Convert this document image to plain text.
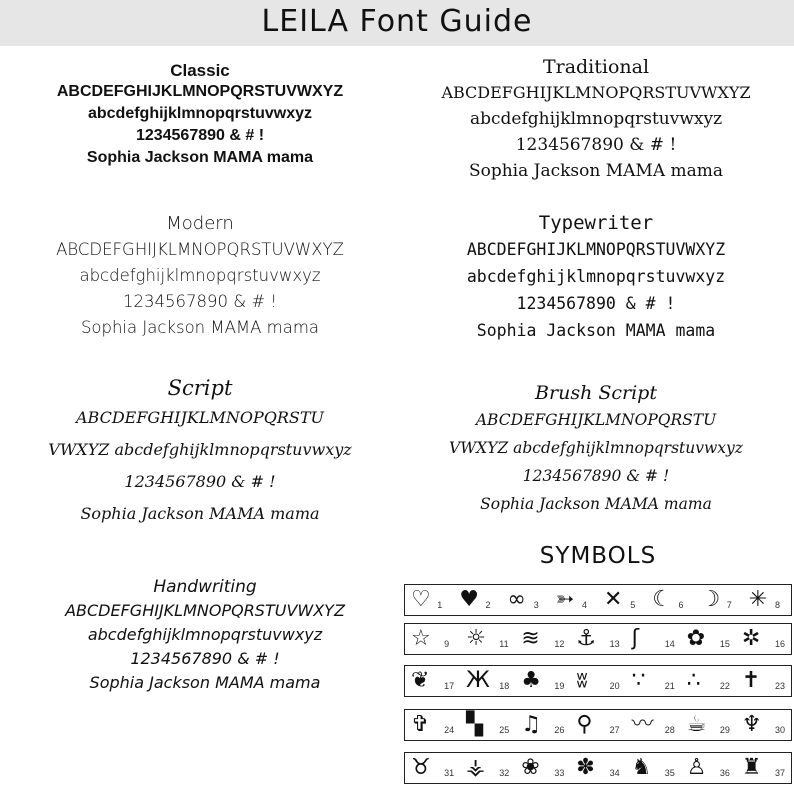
LEILA Font Guide
Classic
ABCDEFGHIJKLMNOPQRSTUVWXYZ
abcdefghijklmnopqrstuvwxyz
1234567890 & # !
Sophia Jackson MAMA mama
Traditional
ABCDEFGHIJKLMNOPQRSTUVWXYZ
abcdefghijklmnopqrstuvwxyz
1234567890 & # !
Sophia Jackson MAMA mama
Modern
ABCDEFGHIJKLMNOPQRSTUVWXYZ
abcdefghijklmnopqrstuvwxyz
1234567890 & # !
Sophia Jackson MAMA mama
Typewriter
ABCDEFGHIJKLMNOPQRSTUVWXYZ
abcdefghijklmnopqrstuvwxyz
1234567890 & # !
Sophia Jackson MAMA mama
Script
ABCDEFGHIJKLMNOPQRSTU
VWXYZ abcdefghijklmnopqrstuvwxyz
1234567890 & # !
Sophia Jackson MAMA mama
Brush Script
ABCDEFGHIJKLMNOPQRSTU
VWXYZ abcdefghijklmnopqrstuvwxyz
1234567890 & # !
Sophia Jackson MAMA mama
Handwriting
ABCDEFGHIJKLMNOPQRSTUVWXYZ
abcdefghijklmnopqrstuvwxyz
1234567890 & # !
Sophia Jackson MAMA mama
SYMBOLS
♡ 1 ♥ 2 ∞ 3 ➳ 4 ✕ 5 ☾ 6 ☽ 7 ✳ 8
☆ 9 ☼ 11 ≋ 12 ⚓ 13 ʃ	14 ✿ 15 ✲ 16
❦ 17 Ж 18 ♣ 19 ʬ 20 ∵ 21 ∴ 22 ✝ 23
✞ 24 ▚ 25 ♫ 26 ⚲ 27 〰 28 ☕ 29 ♆ 30
♉ 31 ⚶ 32 ❀ 33 ✽ 34 ♞ 35 ♙ 36 ♜ 37
